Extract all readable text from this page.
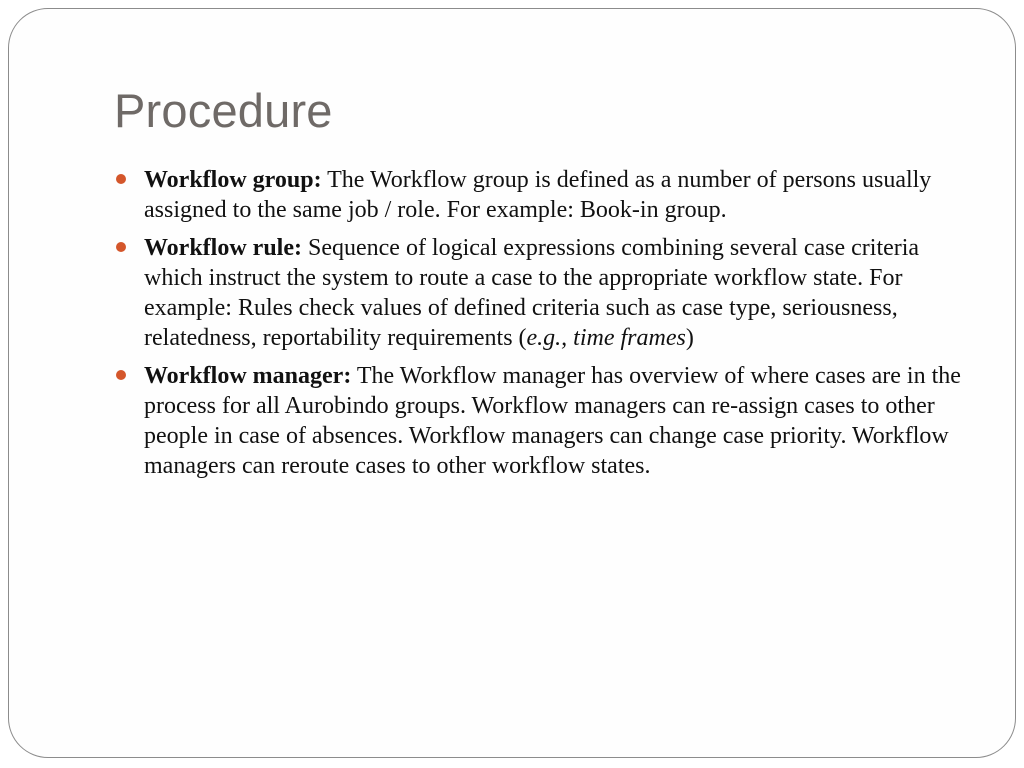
Procedure
Workflow group: The Workflow group is defined as a number of persons usually assigned to the same job / role. For example: Book-in group.
Workflow rule: Sequence of logical expressions combining several case criteria which instruct the system to route a case to the appropriate workflow state. For example: Rules check values of defined criteria such as case type, seriousness, relatedness, reportability requirements (e.g., time frames)
Workflow manager: The Workflow manager has overview of where cases are in the process for all Aurobindo groups. Workflow managers can re-assign cases to other people in case of absences. Workflow managers can change case priority. Workflow managers can reroute cases to other workflow states.
